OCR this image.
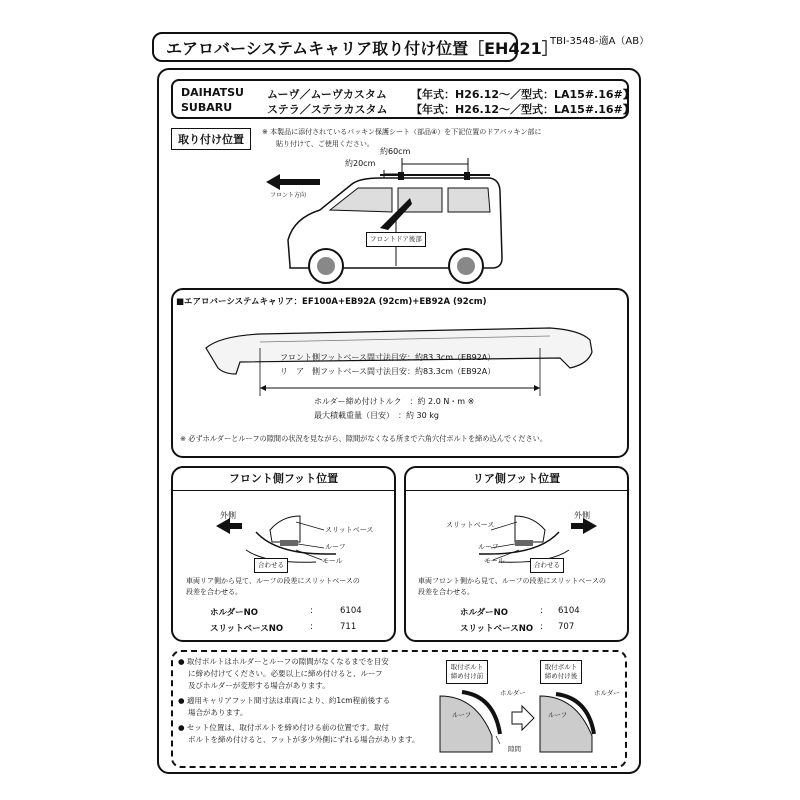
エアロバーシステムキャリア取り付け位置［EH421］
TBI-3548-適A（AB）
DAIHATSU ムーヴ／ムーヴカスタム 【年式：H26.12〜／型式：LA15#.16#】
SUBARU	ステラ／ステラカスタム 【年式：H26.12〜／型式：LA15#.16#】
取り付け位置
※ 本製品に添付されているパッキン保護シート（部品④）を下記位置のドアパッキン部に
貼り付けて、ご使用ください。
約60cm
約20cm
フロント方向
フロントドア後部
■エアロバーシステムキャリア：EF100A+EB92A (92cm)+EB92A (92cm)
フロント側フットベース間寸法目安：約83.3cm（EB92A）
リ　ア　側フットベース間寸法目安：約83.3cm（EB92A）
ホルダー締め付けトルク　：約 2.0 N・m ※
最大積載重量（目安）　：約 30 kg
※ 必ずホルダーとルーフの隙間の状況を見ながら、隙間がなくなる所まで六角穴付ボルトを締め込んでください。
フロント側フット位置
外側
スリットベース
ルーフ
モール
合わせる
車両リア側から見て、ルーフの段差にスリットベースの
段差を合わせる。
ホルダーNO	:	6104
スリットベースNO	:	711
リア側フット位置
外側
スリットベース
ルーフ
モール	合わせる
車両フロント側から見て、ルーフの段差にスリットベースの
段差を合わせる。
ホルダーNO	: 6104
スリットベースNO : 707
● 取付ボルトはホルダーとルーフの隙間がなくなるまでを目安
に締め付けてください。必要以上に締め付けると、ルーフ
及びホルダーが変形する場合があります。
● 適用キャリアフット間寸法は車両により、約1cm程前後する
場合があります。
● セット位置は、取付ボルトを締め付ける前の位置です。取付
ボルトを締め付けると、フットが多少外側にずれる場合があります。
取付ボルト締め付け前
取付ボルト締め付け後
ホルダー	ホルダー
ルーフ	ルーフ
隙間
